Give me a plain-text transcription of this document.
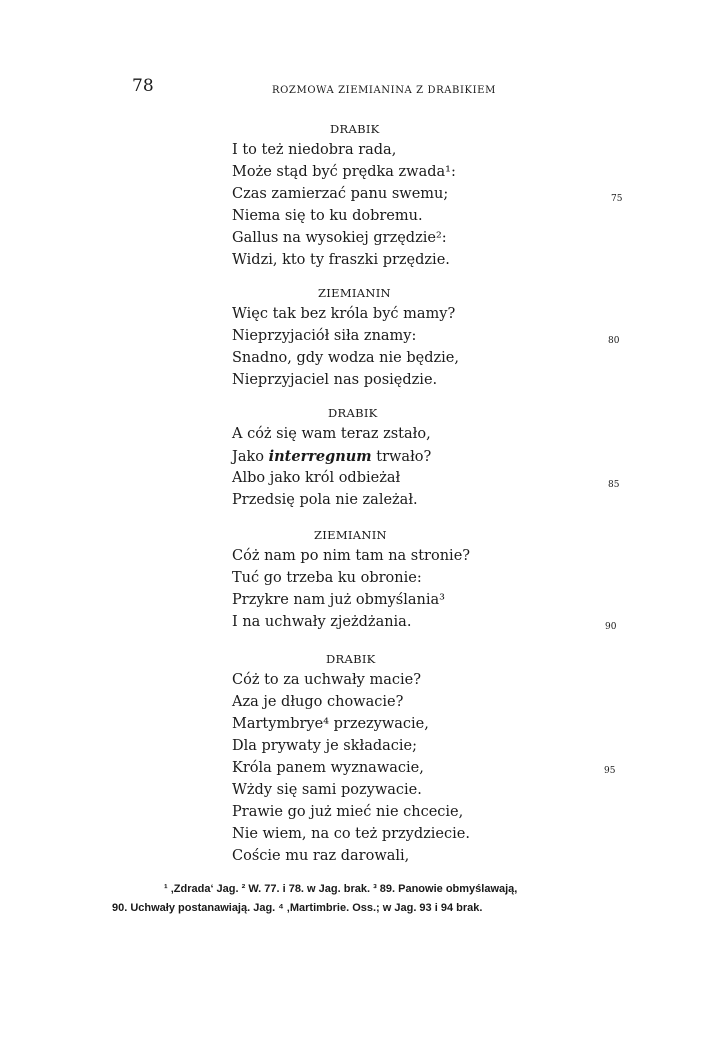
78	ROZMOWA ZIEMIANINA Z DRABIKIEM
DRABIK
I to też niedobra rada,
Może stąd być prędka zwada¹:
Czas zamierzać panu swemu;
Niema się to ku dobremu.
Gallus na wysokiej grzędzie²:
Widzi, kto ty fraszki przędzie.
75
ZIEMIANIN
Więc tak bez króla być mamy?
Nieprzyjaciół siła znamy:
Snadno, gdy wodza nie będzie,
Nieprzyjaciel nas posiędzie.
80
DRABIK
A cóż się wam teraz zstało,
Jako interregnum trwało?
Albo jako król odbieżał
Przedsię pola nie zależał.
85
ZIEMIANIN
Cóż nam po nim tam na stronie?
Tuć go trzeba ku obronie:
Przykre nam już obmyślania³
I na uchwały zjeżdżania.	90
DRABIK
Cóż to za uchwały macie?
Aza je długo chowacie?
Martymbrye⁴ przezywacie,
Dla prywaty je składacie;
Króla panem wyznawacie,
Wżdy się sami pozywacie.
Prawie go już mieć nie chcecie,
Nie wiem, na co też przydziecie.
Coście mu raz darowali,
95
¹ ‚Zdrada‘ Jag. ² W. 77. i 78. w Jag. brak. ³ 89. Panowie obmyślawają,
90. Uchwały postanawiają. Jag. ⁴ ‚Martimbrie. Oss.; w Jag. 93 i 94 brak.
